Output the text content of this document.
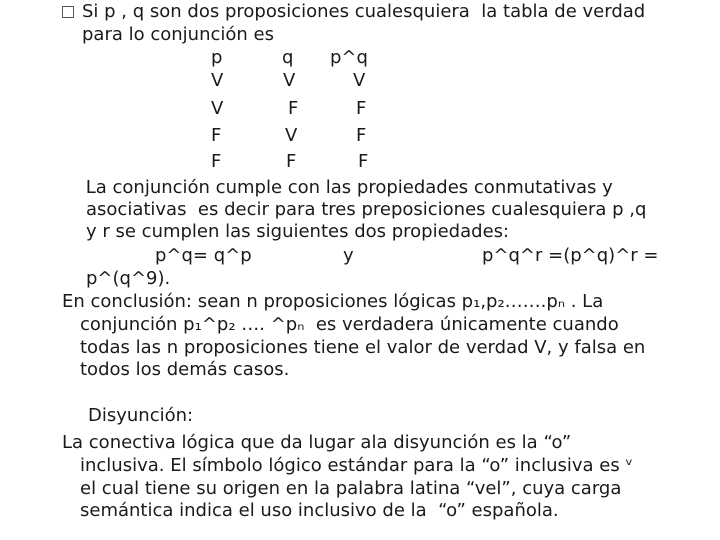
Si p , q son dos proposiciones cualesquiera  la tabla de verdad
para lo conjunción es
p	q p^q
V	V	V
V	F	F
F	V	F
F	F	F
La conjunción cumple con las propiedades conmutativas y
asociativas  es decir para tres preposiciones cualesquiera p ,q
y r se cumplen las siguientes dos propiedades:
p^q= q^p	y	p^q^r =(p^q)^r =
p^(q^9).
En conclusión: sean n proposiciones lógicas p₁,p₂…….pₙ . La
conjunción p₁^p₂ …. ^pₙ  es verdadera únicamente cuando
todas las n proposiciones tiene el valor de verdad V, y falsa en
todos los demás casos.
Disyunción:
La conectiva lógica que da lugar ala disyunción es la “o”
inclusiva. El símbolo lógico estándar para la “o” inclusiva es ᵛ
el cual tiene su origen en la palabra latina “vel”, cuya carga
semántica indica el uso inclusivo de la  “o” española.
